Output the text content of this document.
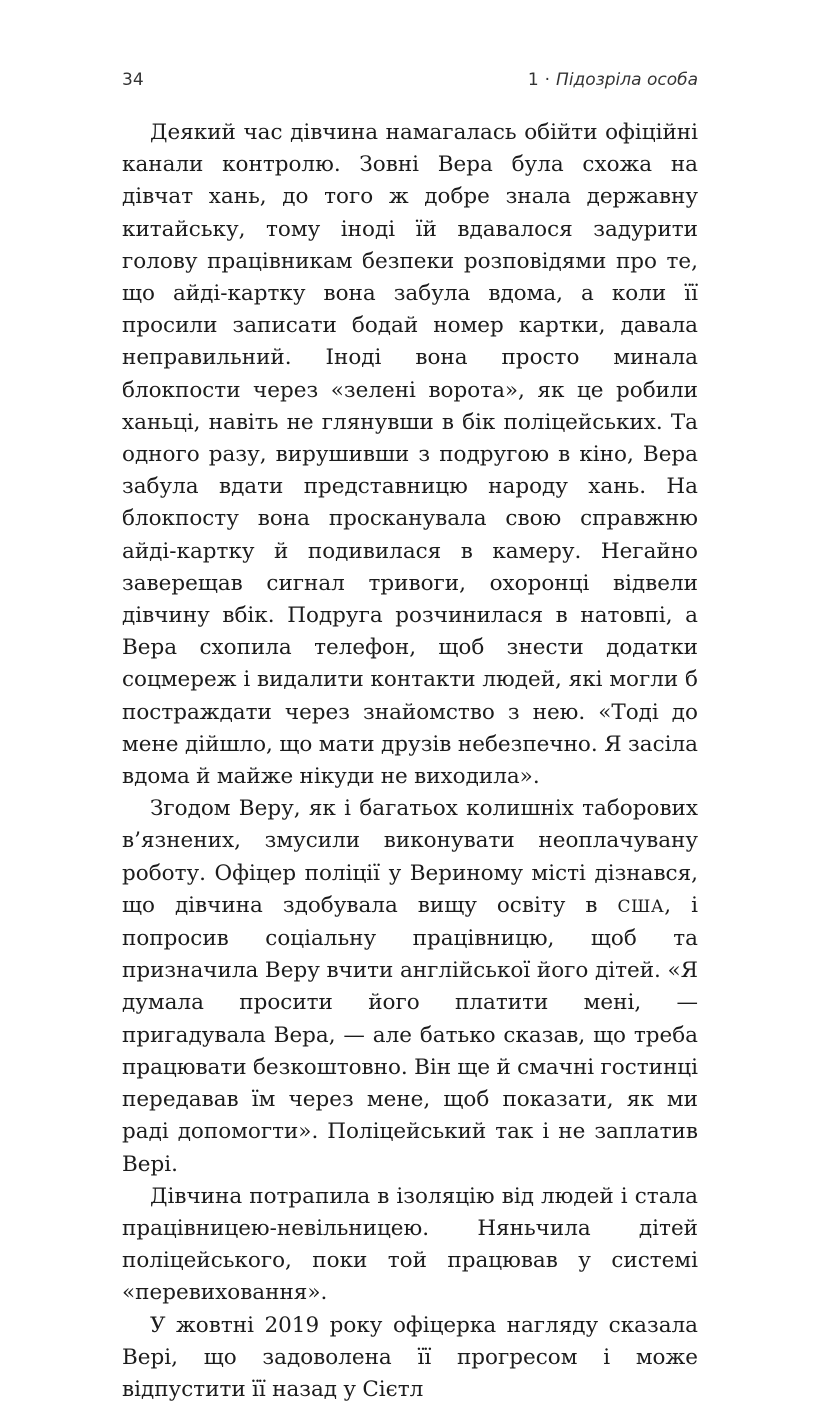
34	1 · Підозріла особа

Деякий час дівчина намагалась обійти офіційні канали контролю. Зовні Вера була схожа на дівчат хань, до того ж добре знала державну китайську, тому іноді їй вдавалося задурити голову працівникам безпеки розповідями про те, що айді-картку вона забула вдома, а коли її просили записати бодай номер картки, давала неправильний. Іноді вона просто минала блокпости через «зелені ворота», як це робили ханьці, навіть не глянувши в бік поліцейських. Та одного разу, вирушивши з подругою в кіно, Вера забула вдати представницю народу хань. На блокпосту вона просканувала свою справжню айді-картку й подивилася в камеру. Негайно заверещав сигнал тривоги, охоронці відвели дівчину вбік. Подруга розчинилася в натовпі, а Вера схопила телефон, щоб знести додатки соцмереж і видалити контакти людей, які могли б постраждати через знайомство з нею. «Тоді до мене дійшло, що мати друзів небезпечно. Я засіла вдома й майже нікуди не виходила».

Згодом Веру, як і багатьох колишніх таборових в’язнених, змусили виконувати неоплачувану роботу. Офіцер поліції у Вериному місті дізнався, що дівчина здобувала вищу освіту в США, і попросив соціальну працівницю, щоб та призначила Веру вчити англійської його дітей. «Я думала просити його платити мені, — пригадувала Вера, — але батько сказав, що треба працювати безкоштовно. Він ще й смачні гостинці передавав їм через мене, щоб показати, як ми раді допомогти». Поліцейський так і не заплатив Вері.

Дівчина потрапила в ізоляцію від людей і стала працівницею-невільницею. Няньчила дітей поліцейського, поки той працював у системі «перевиховання».

У жовтні 2019 року офіцерка нагляду сказала Вері, що задоволена її прогресом і може відпустити її назад у Сієтл
